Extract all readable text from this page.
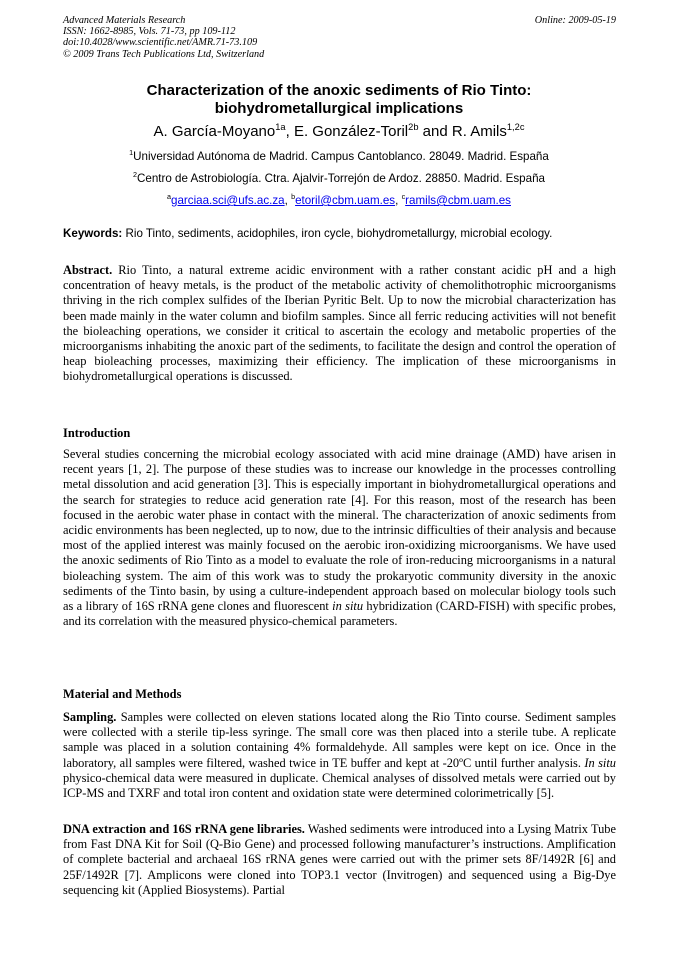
Advanced Materials Research
ISSN: 1662-8985, Vols. 71-73, pp 109-112
doi:10.4028/www.scientific.net/AMR.71-73.109
© 2009 Trans Tech Publications Ltd, Switzerland
Online: 2009-05-19
Characterization of the anoxic sediments of Rio Tinto:
biohydrometallurgical implications
A. García-Moyano$^{1a}$, E. González-Toril$^{2b}$ and R. Amils$^{1,2c}$
$^1$Universidad Autónoma de Madrid. Campus Cantoblanco. 28049. Madrid. España
$^2$Centro de Astrobiología. Ctra. Ajalvir-Torrejón de Ardoz. 28850. Madrid. España
$^a$garciaa.sci@ufs.ac.za, $^b$etoril@cbm.uam.es, $^c$ramils@cbm.uam.es
Keywords: Rio Tinto, sediments, acidophiles, iron cycle, biohydrometallurgy, microbial ecology.

Abstract. Rio Tinto, a natural extreme acidic environment with a rather constant acidic pH and a high concentration of heavy metals, is the product of the metabolic activity of chemolithotrophic microorganisms thriving in the rich complex sulfides of the Iberian Pyritic Belt. Up to now the microbial characterization has been made mainly in the water column and biofilm samples. Since all ferric reducing activities will not benefit the bioleaching operations, we consider it critical to ascertain the ecology and metabolic properties of the microorganisms inhabiting the anoxic part of the sediments, to facilitate the design and control the operation of heap bioleaching processes, maximizing their efficiency. The implication of these microorganisms in biohydrometallurgical operations is discussed.

Introduction

Several studies concerning the microbial ecology associated with acid mine drainage (AMD) have arisen in recent years [1, 2]. The purpose of these studies was to increase our knowledge in the processes controlling metal dissolution and acid generation [3]. This is especially important in biohydrometallurgical operations and the search for strategies to reduce acid generation rate [4]. For this reason, most of the research has been focused in the aerobic water phase in contact with the mineral. The characterization of anoxic sediments from acidic environments has been neglected, up to now, due to the intrinsic difficulties of their analysis and because most of the applied interest was mainly focused on the aerobic iron-oxidizing microorganisms. We have used the anoxic sediments of Rio Tinto as a model to evaluate the role of iron-reducing microorganisms in a natural bioleaching system. The aim of this work was to study the prokaryotic community diversity in the anoxic sediments of the Tinto basin, by using a culture-independent approach based on molecular biology tools such as a library of 16S rRNA gene clones and fluorescent in situ hybridization (CARD-FISH) with specific probes, and its correlation with the measured physico-chemical parameters.

Material and Methods

Sampling. Samples were collected on eleven stations located along the Rio Tinto course. Sediment samples were collected with a sterile tip-less syringe. The small core was then placed into a sterile tube. A replicate sample was placed in a solution containing 4% formaldehyde. All samples were kept on ice. Once in the laboratory, all samples were filtered, washed twice in TE buffer and kept at -20ºC until further analysis. In situ physico-chemical data were measured in duplicate. Chemical analyses of dissolved metals were carried out by ICP-MS and TXRF and total iron content and oxidation state were determined colorimetrically [5].

DNA extraction and 16S rRNA gene libraries. Washed sediments were introduced into a Lysing Matrix Tube from Fast DNA Kit for Soil (Q-Bio Gene) and processed following manufacturer’s instructions. Amplification of complete bacterial and archaeal 16S rRNA genes were carried out with the primer sets 8F/1492R [6] and 25F/1492R [7]. Amplicons were cloned into TOP3.1 vector (Invitrogen) and sequenced using a Big-Dye sequencing kit (Applied Biosystems). Partial
